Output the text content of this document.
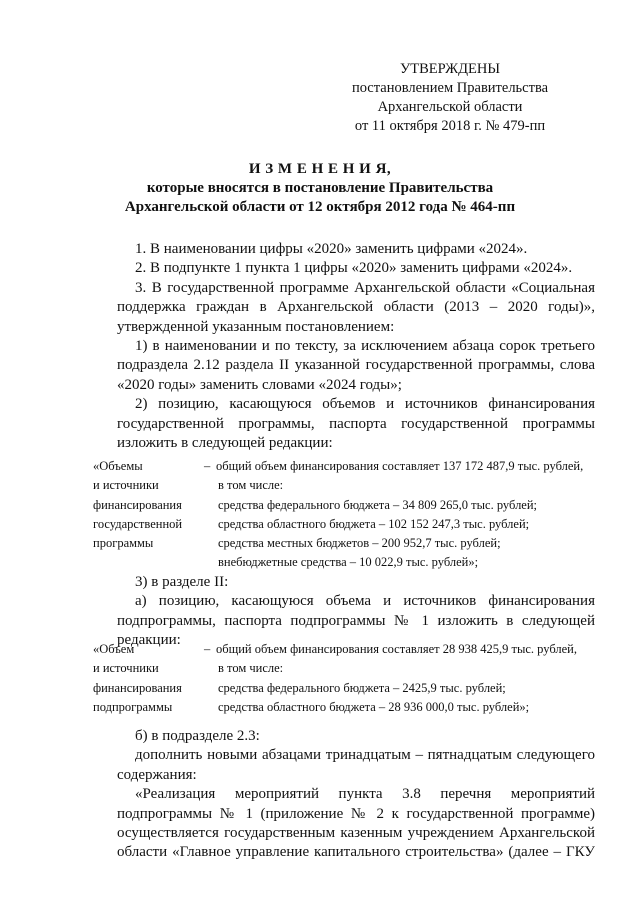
УТВЕРЖДЕНЫ
постановлением Правительства
Архангельской области
от 11 октября 2018 г. № 479-пп
И З М Е Н Е Н И Я,
которые вносятся в постановление Правительства
Архангельской области от 12 октября 2012 года № 464-пп

1. В наименовании цифры «2020» заменить цифрами «2024».

2. В подпункте 1 пункта 1 цифры «2020» заменить цифрами «2024».

3. В государственной программе Архангельской области «Социальная поддержка граждан в Архангельской области (2013 – 2020 годы)», утвержденной указанным постановлением:

1) в наименовании и по тексту, за исключением абзаца сорок третьего подраздела 2.12 раздела II указанной государственной программы, слова «2020 годы» заменить словами «2024 годы»;

2) позицию, касающуюся объемов и источников финансирования государственной программы, паспорта государственной программы изложить в следующей редакции:

«Объемы
и источники
финансирования
государственной
программы
– общий объем финансирования составляет 137 172 487,9 тыс. рублей,
в том числе:
средства федерального бюджета – 34 809 265,0 тыс. рублей;
средства областного бюджета – 102 152 247,3 тыс. рублей;
средства местных бюджетов – 200 952,7 тыс. рублей;
внебюджетные средства – 10 022,9 тыс. рублей»;

3) в разделе II:

а) позицию, касающуюся объема и источников финансирования подпрограммы, паспорта подпрограммы № 1 изложить в следующей редакции:

«Объем
и источники
финансирования
подпрограммы
– общий объем финансирования составляет 28 938 425,9 тыс. рублей,
в том числе:
средства федерального бюджета – 2425,9 тыс. рублей;
средства областного бюджета – 28 936 000,0 тыс. рублей»;

б) в подразделе 2.3:

дополнить новыми абзацами тринадцатым – пятнадцатым следующего содержания:

«Реализация мероприятий пункта 3.8 перечня мероприятий подпрограммы № 1 (приложение № 2 к государственной программе) осуществляется государственным казенным учреждением Архангельской области «Главное управление капитального строительства» (далее – ГКУ
